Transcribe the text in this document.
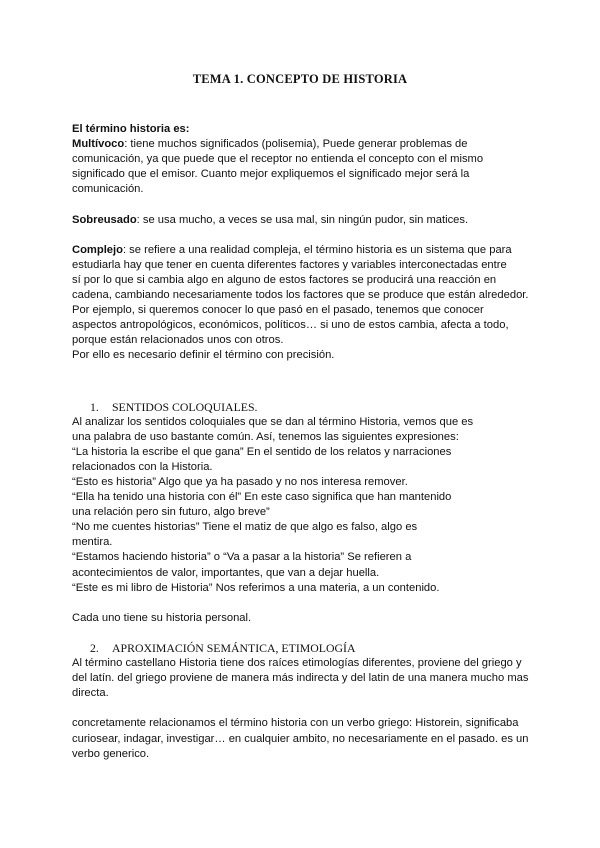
TEMA 1. CONCEPTO DE HISTORIA

El término historia es:

Multívoco: tiene muchos significados (polisemia), Puede generar problemas de

comunicación, ya que puede que el receptor no entienda el concepto con el mismo

significado que el emisor. Cuanto mejor expliquemos el significado mejor será la

comunicación.

Sobreusado: se usa mucho, a veces se usa mal, sin ningún pudor, sin matices.

Complejo: se refiere a una realidad compleja, el término historia es un sistema que para

estudiarla hay que tener en cuenta diferentes factores y variables interconectadas entre

sí por lo que si cambia algo en alguno de estos factores se producirá una reacción en

cadena, cambiando necesariamente todos los factores que se produce que están alrededor.

Por ejemplo, si queremos conocer lo que pasó en el pasado, tenemos que conocer

aspectos antropológicos, económicos, políticos… si uno de estos cambia, afecta a todo,

porque están relacionados unos con otros.

Por ello es necesario definir el término con precisión.

1. SENTIDOS COLOQUIALES.

Al analizar los sentidos coloquiales que se dan al término Historia, vemos que es

una palabra de uso bastante común. Así, tenemos las siguientes expresiones:

“La historia la escribe el que gana” En el sentido de los relatos y narraciones

relacionados con la Historia.

“Esto es historia” Algo que ya ha pasado y no nos interesa remover.

“Ella ha tenido una historia con él” En este caso significa que han mantenido

una relación pero sin futuro, algo breve”

“No me cuentes historias” Tiene el matiz de que algo es falso, algo es

mentira.

“Estamos haciendo historia” o “Va a pasar a la historia” Se refieren a

acontecimientos de valor, importantes, que van a dejar huella.

“Este es mi libro de Historia” Nos referimos a una materia, a un contenido.

Cada uno tiene su historia personal.

2. APROXIMACIÓN SEMÁNTICA, ETIMOLOGÍA

Al término castellano Historia tiene dos raíces etimologías diferentes, proviene del griego y

del latín. del griego proviene de manera más indirecta y del latin de una manera mucho mas

directa.

concretamente relacionamos el término historia con un verbo griego: Historein, significaba

curiosear, indagar, investigar… en cualquier ambito, no necesariamente en el pasado. es un

verbo generico.
